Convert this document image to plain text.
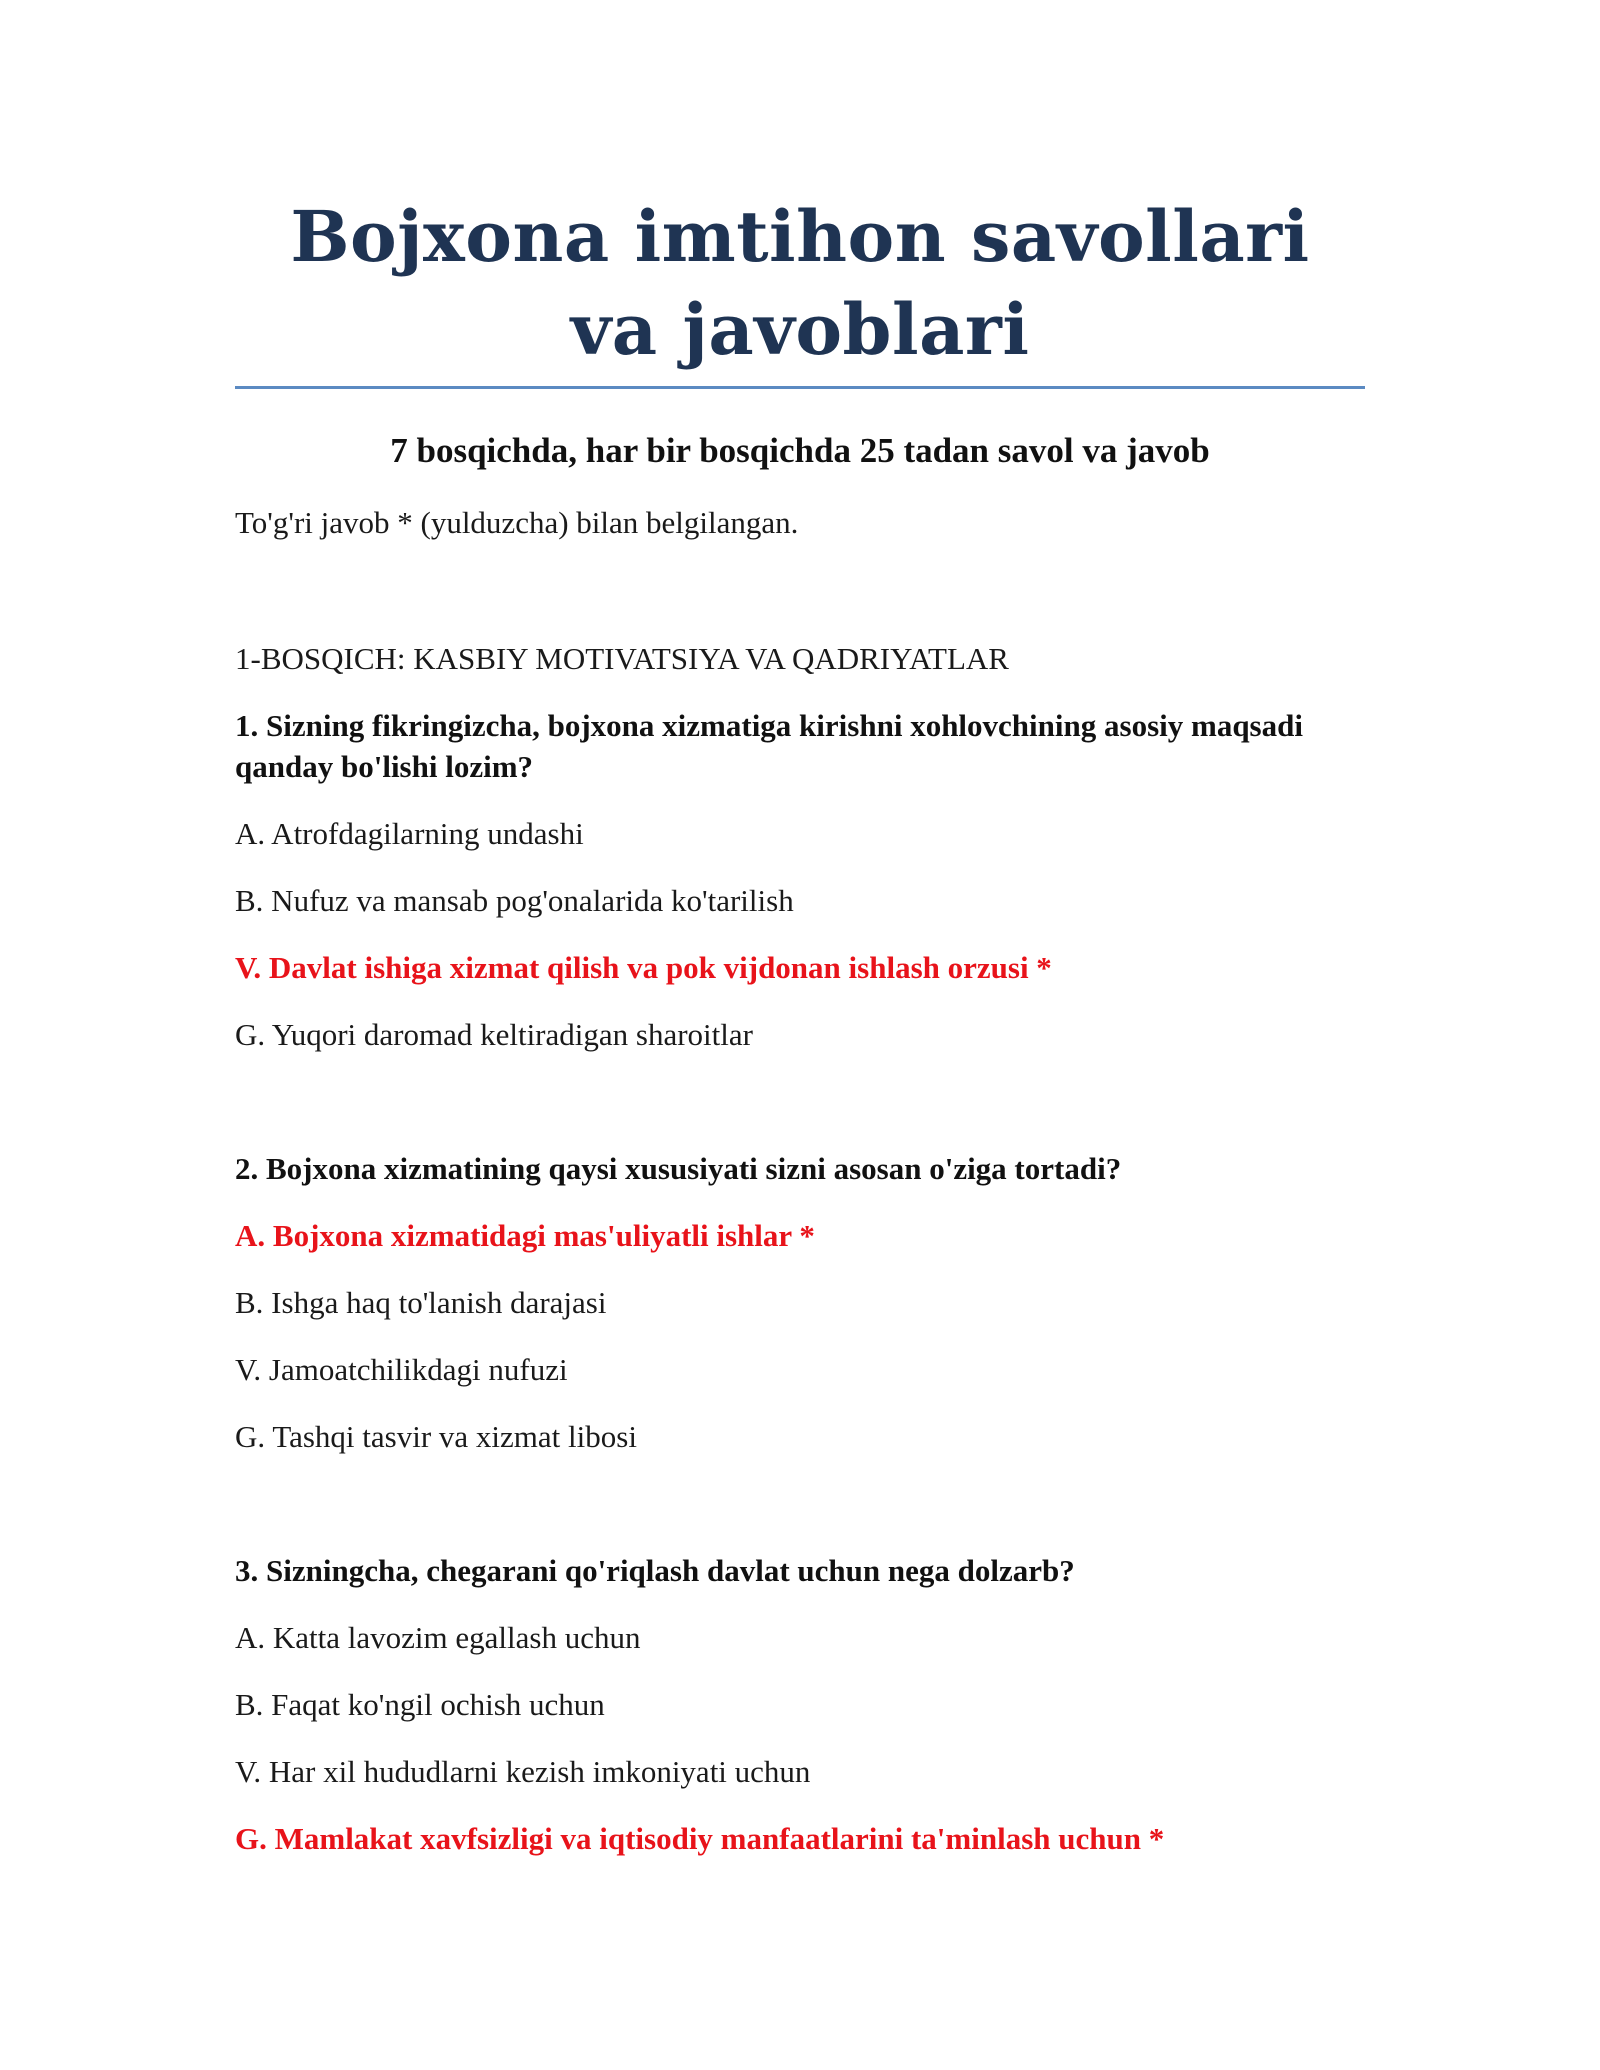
Bojxona imtihon savollari va javoblari

7 bosqichda, har bir bosqichda 25 tadan savol va javob

To'g'ri javob * (yulduzcha) bilan belgilangan.

1-BOSQICH: KASBIY MOTIVATSIYA VA QADRIYATLAR

1. Sizning fikringizcha, bojxona xizmatiga kirishni xohlovchining asosiy maqsadi qanday bo'lishi lozim?

A. Atrofdagilarning undashi

B. Nufuz va mansab pog'onalarida ko'tarilish

V. Davlat ishiga xizmat qilish va pok vijdonan ishlash orzusi *

G. Yuqori daromad keltiradigan sharoitlar

2. Bojxona xizmatining qaysi xususiyati sizni asosan o'ziga tortadi?

A. Bojxona xizmatidagi mas'uliyatli ishlar *

B. Ishga haq to'lanish darajasi

V. Jamoatchilikdagi nufuzi

G. Tashqi tasvir va xizmat libosi

3. Sizningcha, chegarani qo'riqlash davlat uchun nega dolzarb?

A. Katta lavozim egallash uchun

B. Faqat ko'ngil ochish uchun

V. Har xil hududlarni kezish imkoniyati uchun

G. Mamlakat xavfsizligi va iqtisodiy manfaatlarini ta'minlash uchun *
